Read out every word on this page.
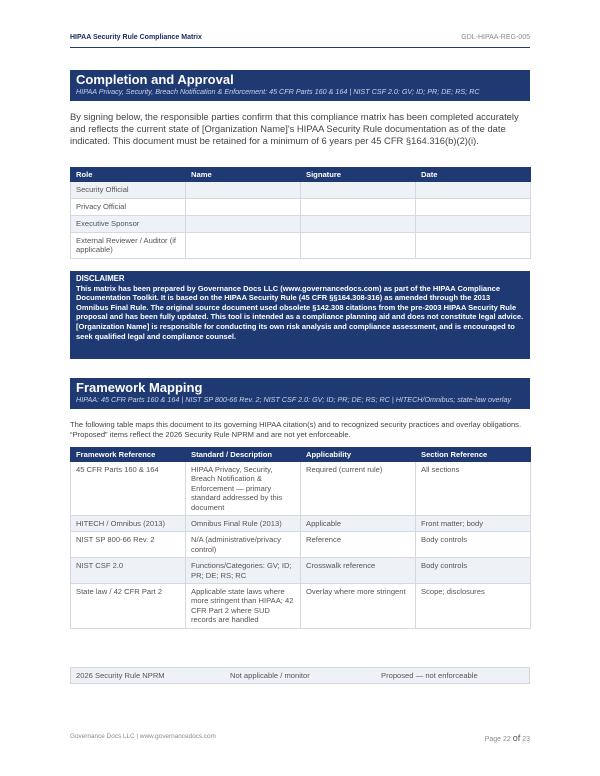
HIPAA Security Rule Compliance Matrix	GDL-HIPAA-REG-005
Completion and Approval
HIPAA Privacy, Security, Breach Notification & Enforcement: 45 CFR Parts 160 & 164 | NIST CSF 2.0: GV; ID; PR; DE; RS; RC

By signing below, the responsible parties confirm that this compliance matrix has been completed accurately and reflects the current state of [Organization Name]'s HIPAA Security Rule documentation as of the date indicated. This document must be retained for a minimum of 6 years per 45 CFR §164.316(b)(2)(i).

Role	Name	Signature	Date
Security Official			
Privacy Official			
Executive Sponsor			
External Reviewer / Auditor (if applicable)			
DISCLAIMER
This matrix has been prepared by Governance Docs LLC (www.governancedocs.com) as part of the HIPAA Compliance Documentation Toolkit. It is based on the HIPAA Security Rule (45 CFR §§164.308-316) as amended through the 2013 Omnibus Final Rule. The original source document used obsolete §142.308 citations from the pre-2003 HIPAA Security Rule proposal and has been fully updated. This tool is intended as a compliance planning aid and does not constitute legal advice. [Organization Name] is responsible for conducting its own risk analysis and compliance assessment, and is encouraged to seek qualified legal and compliance counsel.
Framework Mapping
HIPAA: 45 CFR Parts 160 & 164 | NIST SP 800-66 Rev. 2; NIST CSF 2.0: GV; ID; PR; DE; RS; RC | HITECH/Omnibus; state-law overlay

The following table maps this document to its governing HIPAA citation(s) and to recognized security practices and overlay obligations. “Proposed” items reflect the 2026 Security Rule NPRM and are not yet enforceable.

Framework Reference	Standard / Description	Applicability	Section Reference
45 CFR Parts 160 & 164	HIPAA Privacy, Security, Breach Notification & Enforcement — primary standard addressed by this document	Required (current rule)	All sections
HITECH / Omnibus (2013)	Omnibus Final Rule (2013)	Applicable	Front matter; body
NIST SP 800-66 Rev. 2	N/A (administrative/privacy control)	Reference	Body controls
NIST CSF 2.0	Functions/Categories: GV; ID; PR; DE; RS; RC	Crosswalk reference	Body controls
State law / 42 CFR Part 2	Applicable state laws where more stringent than HIPAA; 42 CFR Part 2 where SUD records are handled	Overlay where more stringent	Scope; disclosures
2026 Security Rule NPRM	Not applicable / monitor	Proposed — not enforceable
Governance Docs LLC | www.governancedocs.com	Page 22 of 23
